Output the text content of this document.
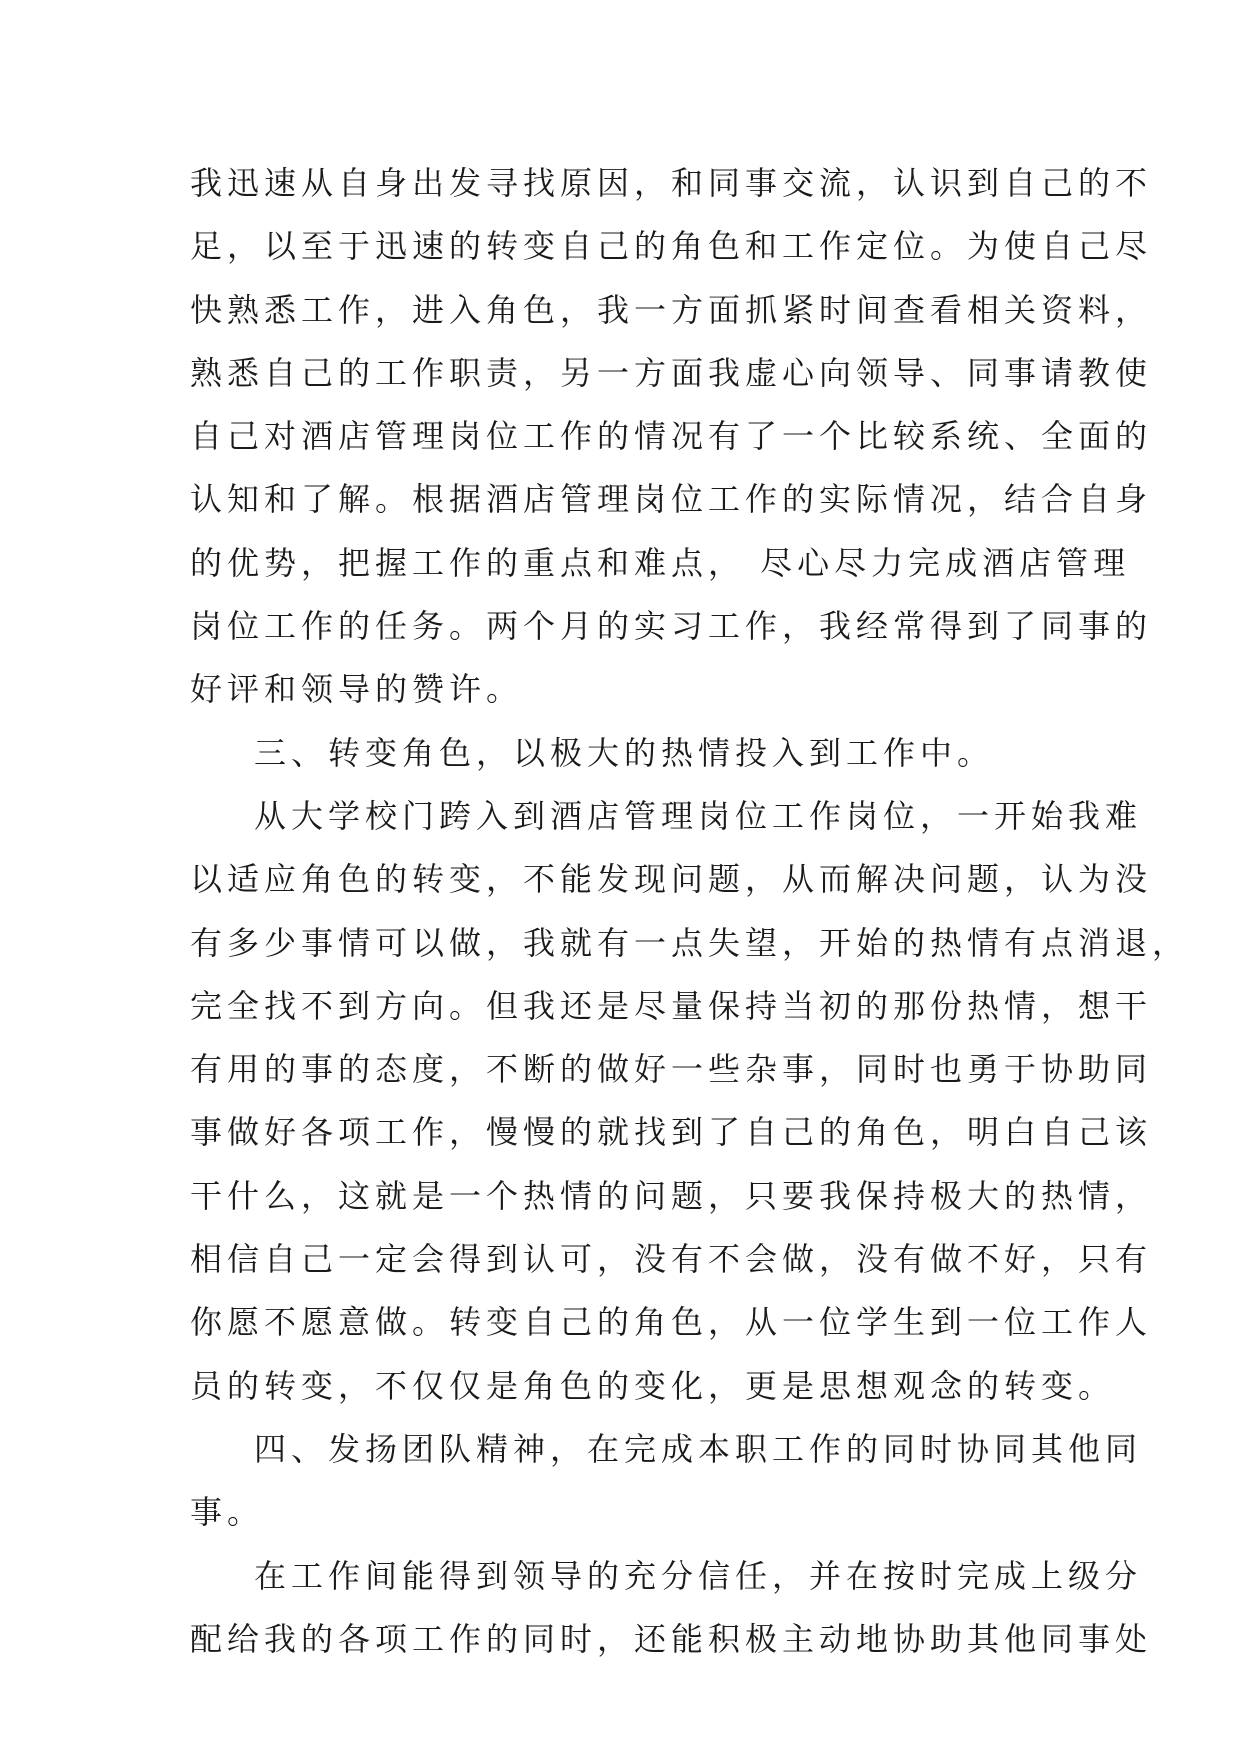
我迅速从自身出发寻找原因，和同事交流，认识到自己的不
足，以至于迅速的转变自己的角色和工作定位。为使自己尽
快熟悉工作，进入角色，我一方面抓紧时间查看相关资料，
熟悉自己的工作职责，另一方面我虚心向领导、同事请教使
自己对酒店管理岗位工作的情况有了一个比较系统、全面的
认知和了解。根据酒店管理岗位工作的实际情况，结合自身
的优势，把握工作的重点和难点， 尽心尽力完成酒店管理
岗位工作的任务。两个月的实习工作，我经常得到了同事的
好评和领导的赞许。
三、转变角色，以极大的热情投入到工作中。
从大学校门跨入到酒店管理岗位工作岗位，一开始我难
以适应角色的转变，不能发现问题，从而解决问题，认为没
有多少事情可以做，我就有一点失望，开始的热情有点消退，
完全找不到方向。但我还是尽量保持当初的那份热情，想干
有用的事的态度，不断的做好一些杂事，同时也勇于协助同
事做好各项工作，慢慢的就找到了自己的角色，明白自己该
干什么，这就是一个热情的问题，只要我保持极大的热情，
相信自己一定会得到认可，没有不会做，没有做不好，只有
你愿不愿意做。转变自己的角色，从一位学生到一位工作人
员的转变，不仅仅是角色的变化，更是思想观念的转变。
四、发扬团队精神，在完成本职工作的同时协同其他同
事。
在工作间能得到领导的充分信任，并在按时完成上级分
配给我的各项工作的同时，还能积极主动地协助其他同事处
